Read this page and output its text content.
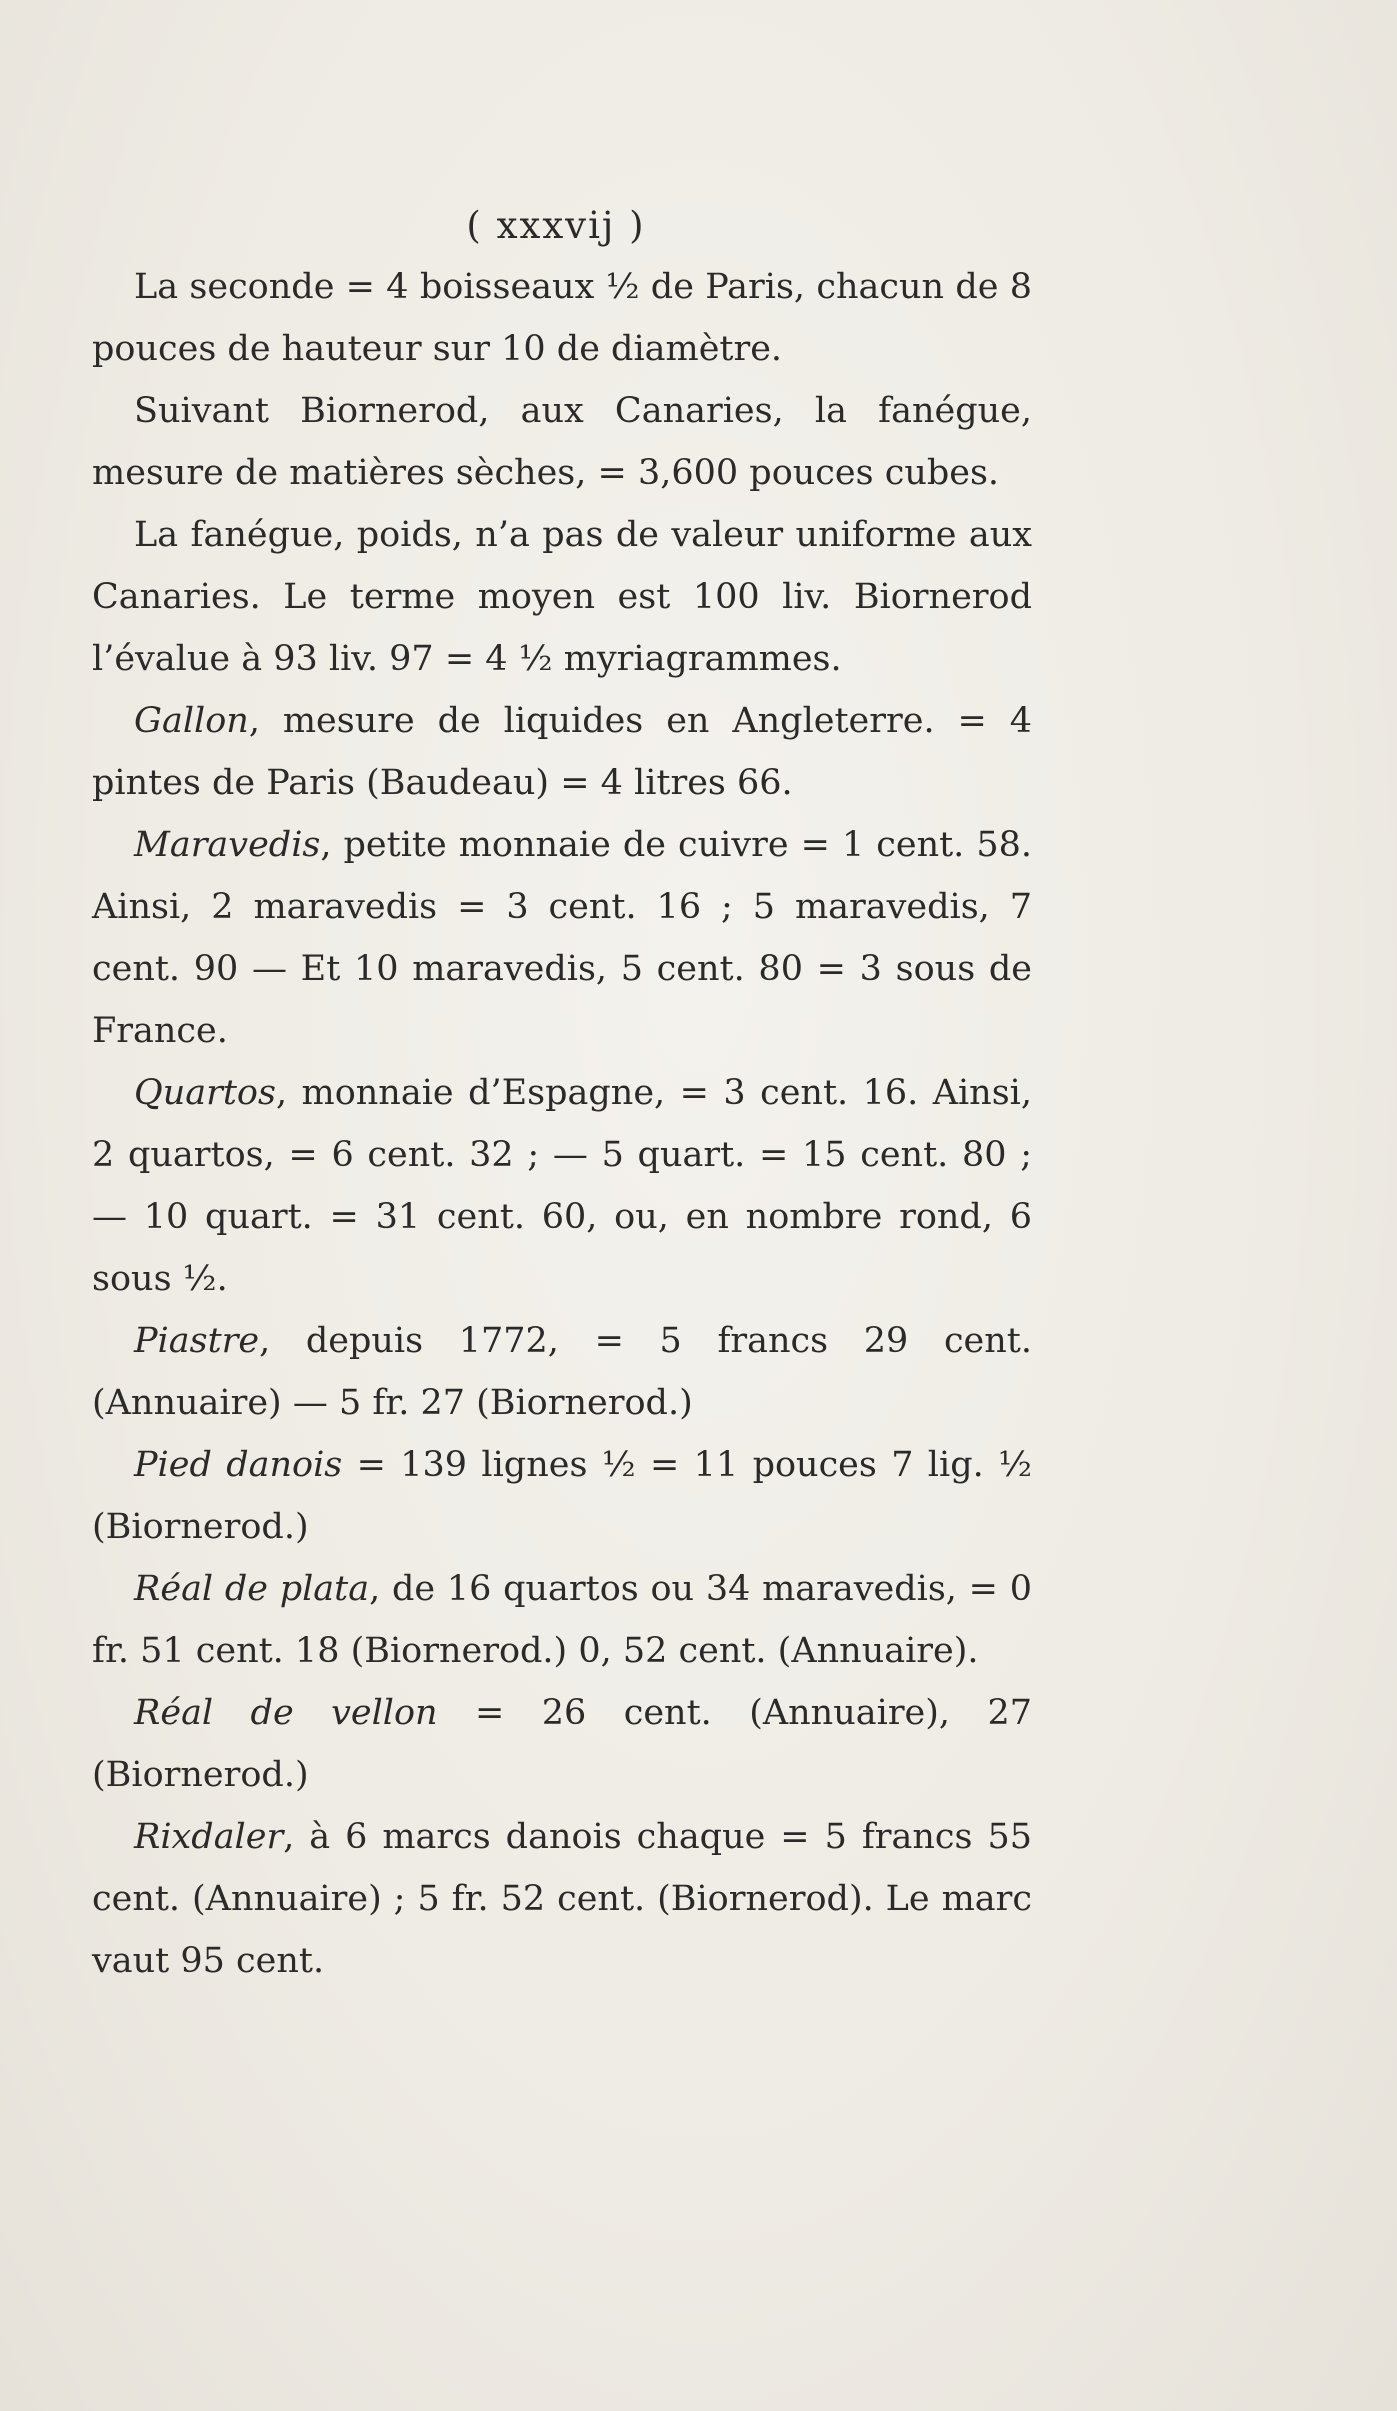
( xxxvij )

La seconde = 4 boisseaux ½ de Paris, chacun de 8 pouces de hauteur sur 10 de diamètre.

Suivant Biornerod, aux Canaries, la fanégue, mesure de matières sèches, = 3,600 pouces cubes.

La fanégue, poids, n’a pas de valeur uniforme aux Canaries. Le terme moyen est 100 liv. Biornerod l’évalue à 93 liv. 97 = 4 ½ myriagrammes.

Gallon, mesure de liquides en Angleterre. = 4 pintes de Paris (Baudeau) = 4 litres 66.

Maravedis, petite monnaie de cuivre = 1 cent. 58. Ainsi, 2 maravedis = 3 cent. 16 ; 5 maravedis, 7 cent. 90 — Et 10 maravedis, 5 cent. 80 = 3 sous de France.

Quartos, monnaie d’Espagne, = 3 cent. 16. Ainsi, 2 quartos, = 6 cent. 32 ; — 5 quart. = 15 cent. 80 ; — 10 quart. = 31 cent. 60, ou, en nombre rond, 6 sous ½.

Piastre, depuis 1772, = 5 francs 29 cent. (Annuaire) — 5 fr. 27 (Biornerod.)

Pied danois = 139 lignes ½ = 11 pouces 7 lig. ½ (Biornerod.)

Réal de plata, de 16 quartos ou 34 maravedis, = 0 fr. 51 cent. 18 (Biornerod.) 0, 52 cent. (Annuaire).

Réal de vellon = 26 cent. (Annuaire), 27 (Biornerod.)

Rixdaler, à 6 marcs danois chaque = 5 francs 55 cent. (Annuaire) ; 5 fr. 52 cent. (Biornerod). Le marc vaut 95 cent.
